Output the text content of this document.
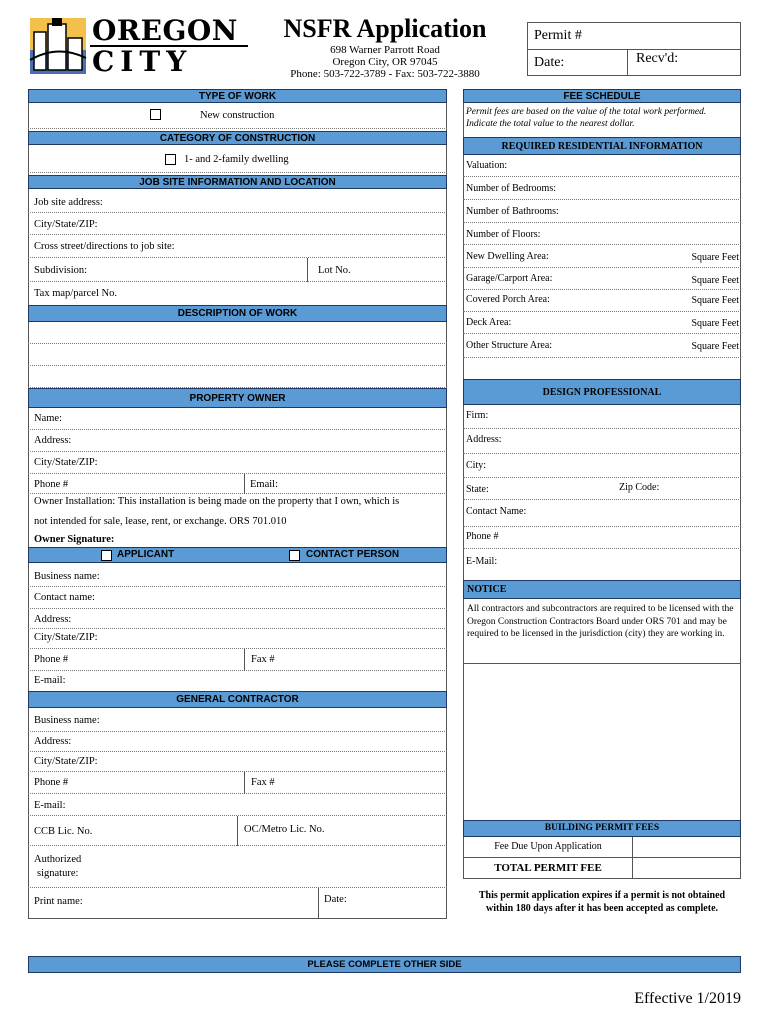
OREGON
CITY
NSFR Application
698 Warner Parrott Road
Oregon City, OR 97045
Phone: 503-722-3789 - Fax: 503-722-3880
Permit #
Date:	Recv'd:
TYPE OF WORK
New construction
CATEGORY OF CONSTRUCTION
1- and 2-family dwelling
JOB SITE INFORMATION AND LOCATION
Job site address:
City/State/ZIP:
Cross street/directions to job site:
Subdivision:	Lot No.
Tax map/parcel No.
DESCRIPTION OF WORK
PROPERTY OWNER
Name:
Address:
City/State/ZIP:
Phone #	Email:
Owner Installation: This installation is being made on the property that I own, which is
not intended for sale, lease, rent, or exchange. ORS 701.010
Owner Signature:
APPLICANT	CONTACT PERSON
Business name:
Contact name:
Address:
City/State/ZIP:
Phone #	Fax #
E-mail:
GENERAL CONTRACTOR
Business name:
Address:
City/State/ZIP:
Phone #	Fax #
E-mail:
CCB Lic. No.	OC/Metro Lic. No.
Authorized
signature:
Print name:	Date:
FEE SCHEDULE
Permit fees are based on the value of the total work performed. Indicate the total value to the nearest dollar.
REQUIRED RESIDENTIAL INFORMATION
Valuation:
Number of Bedrooms:
Number of Bathrooms:
Number of Floors:
New Dwelling Area:	Square Feet
Garage/Carport Area:	Square Feet
Covered Porch Area:	Square Feet
Deck Area:	Square Feet
Other Structure Area:	Square Feet
DESIGN PROFESSIONAL
Firm:
Address:
City:
State:	Zip Code:
Contact Name:
Phone #
E-Mail:
NOTICE
All contractors and subcontractors are required to be licensed with the Oregon Construction Contractors Board under ORS 701 and may be required to be licensed in the jurisdiction (city) they are working in.
BUILDING PERMIT FEES
Fee Due Upon Application
TOTAL PERMIT FEE
This permit application expires if a permit is not obtained
within 180 days after it has been accepted as complete.
PLEASE COMPLETE OTHER SIDE
Effective 1/2019
